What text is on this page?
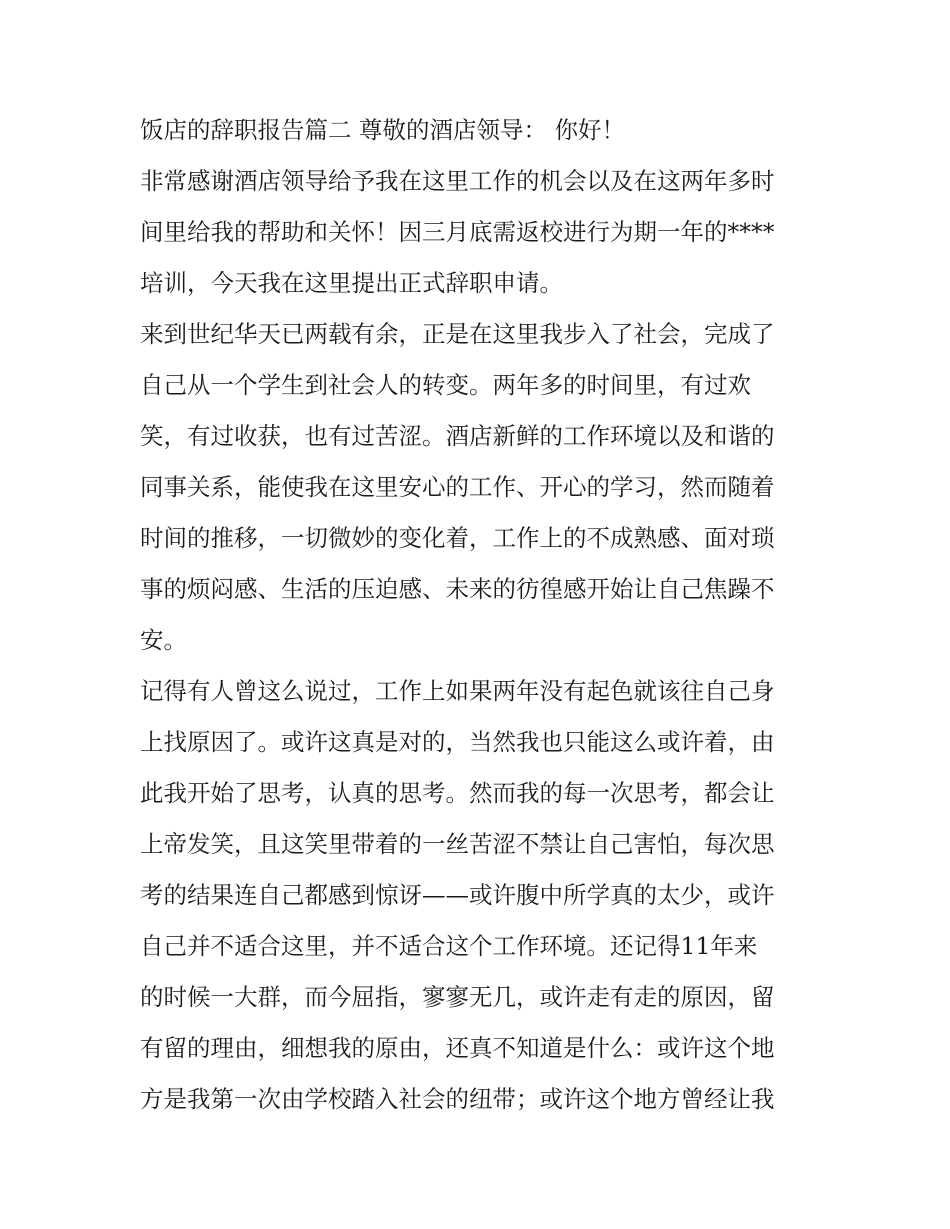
饭店的辞职报告篇二 尊敬的酒店领导： 你好！
非常感谢酒店领导给予我在这里工作的机会以及在这两年多时
间里给我的帮助和关怀！因三月底需返校进行为期一年的****
培训，今天我在这里提出正式辞职申请。
来到世纪华天已两载有余，正是在这里我步入了社会，完成了
自己从一个学生到社会人的转变。两年多的时间里，有过欢
笑，有过收获，也有过苦涩。酒店新鲜的工作环境以及和谐的
同事关系，能使我在这里安心的工作、开心的学习，然而随着
时间的推移，一切微妙的变化着，工作上的不成熟感、面对琐
事的烦闷感、生活的压迫感、未来的彷徨感开始让自己焦躁不
安。
记得有人曾这么说过，工作上如果两年没有起色就该往自己身
上找原因了。或许这真是对的，当然我也只能这么或许着，由
此我开始了思考，认真的思考。然而我的每一次思考，都会让
上帝发笑，且这笑里带着的一丝苦涩不禁让自己害怕，每次思
考的结果连自己都感到惊讶——或许腹中所学真的太少，或许
自己并不适合这里，并不适合这个工作环境。还记得11年来
的时候一大群，而今屈指，寥寥无几，或许走有走的原因，留
有留的理由，细想我的原由，还真不知道是什么：或许这个地
方是我第一次由学校踏入社会的纽带；或许这个地方曾经让我
